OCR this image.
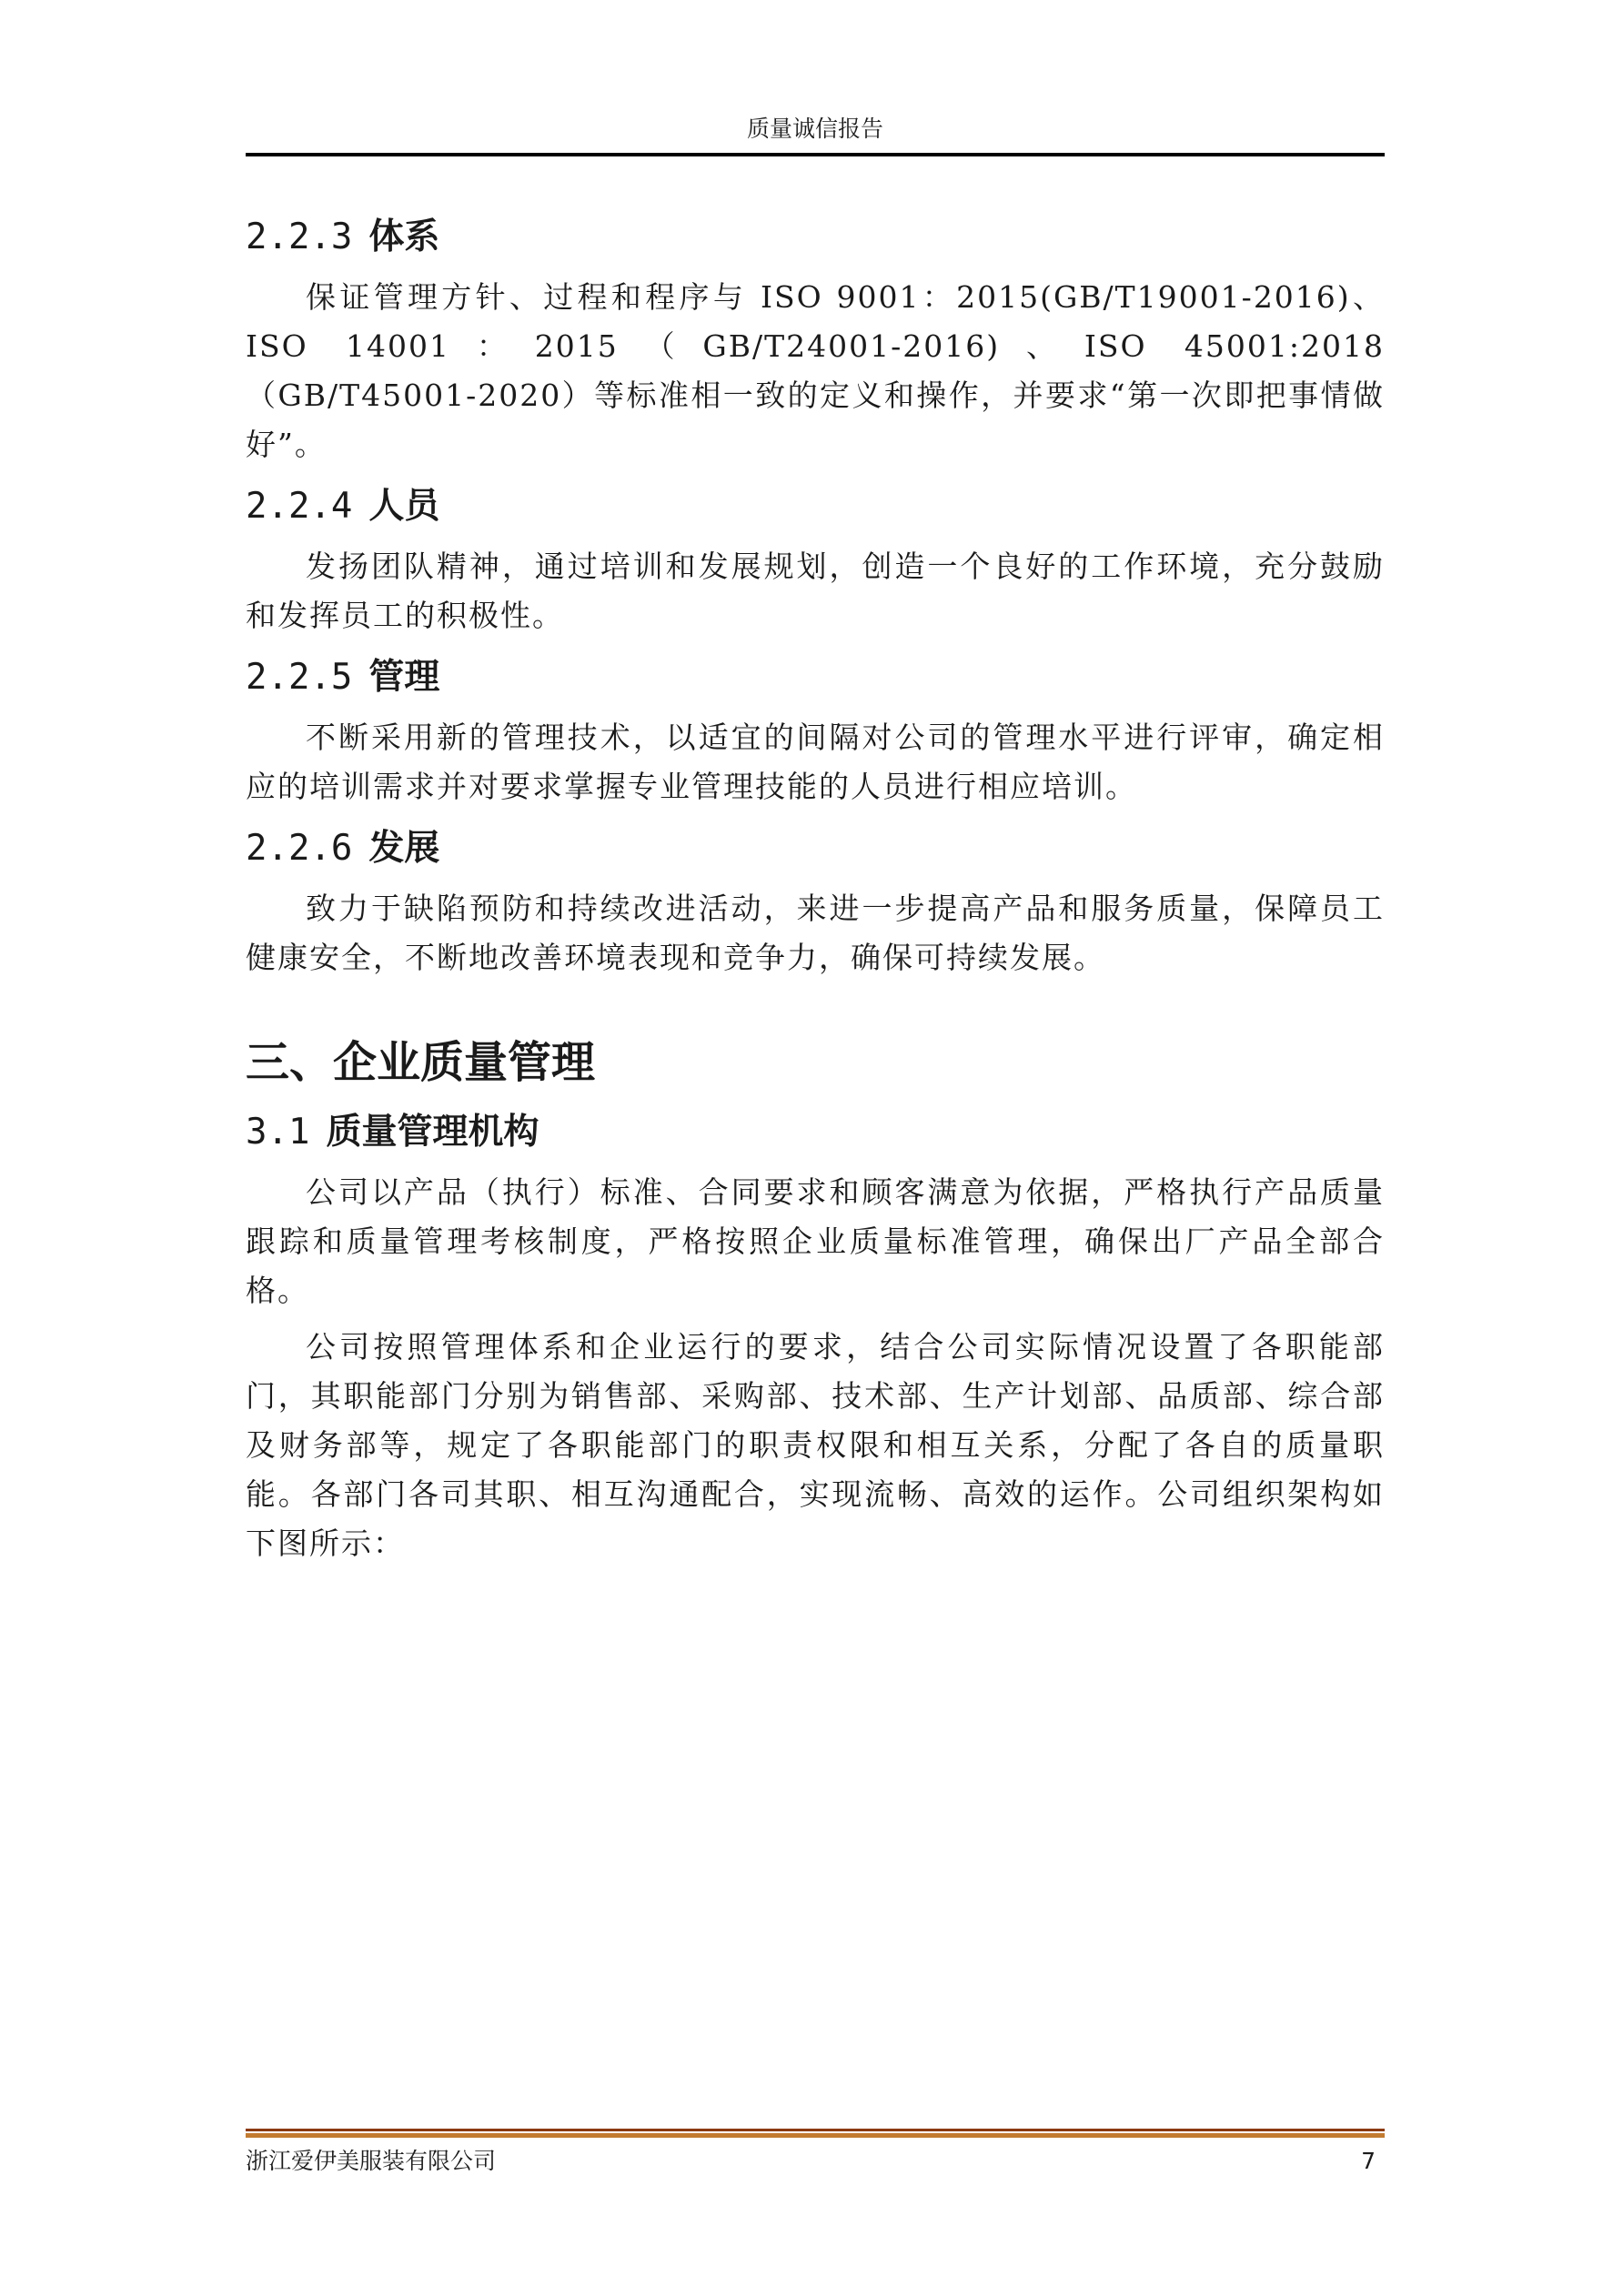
质量诚信报告
2.2.3 体系

保证管理方针、过程和程序与 ISO 9001：2015(GB/T19001-2016)、ISO 14001：2015（GB/T24001-2016)、ISO 45001:2018（GB/T45001-2020）等标准相一致的定义和操作，并要求“第一次即把事情做好”。

2.2.4 人员

发扬团队精神，通过培训和发展规划，创造一个良好的工作环境，充分鼓励和发挥员工的积极性。

2.2.5 管理

不断采用新的管理技术，以适宜的间隔对公司的管理水平进行评审，确定相应的培训需求并对要求掌握专业管理技能的人员进行相应培训。

2.2.6 发展

致力于缺陷预防和持续改进活动，来进一步提高产品和服务质量，保障员工健康安全，不断地改善环境表现和竞争力，确保可持续发展。

三、企业质量管理
3.1 质量管理机构

公司以产品（执行）标准、合同要求和顾客满意为依据，严格执行产品质量跟踪和质量管理考核制度，严格按照企业质量标准管理，确保出厂产品全部合格。

公司按照管理体系和企业运行的要求，结合公司实际情况设置了各职能部门，其职能部门分别为销售部、采购部、技术部、生产计划部、品质部、综合部及财务部等，规定了各职能部门的职责权限和相互关系，分配了各自的质量职能。各部门各司其职、相互沟通配合，实现流畅、高效的运作。公司组织架构如下图所示：

浙江爱伊美服装有限公司	7
